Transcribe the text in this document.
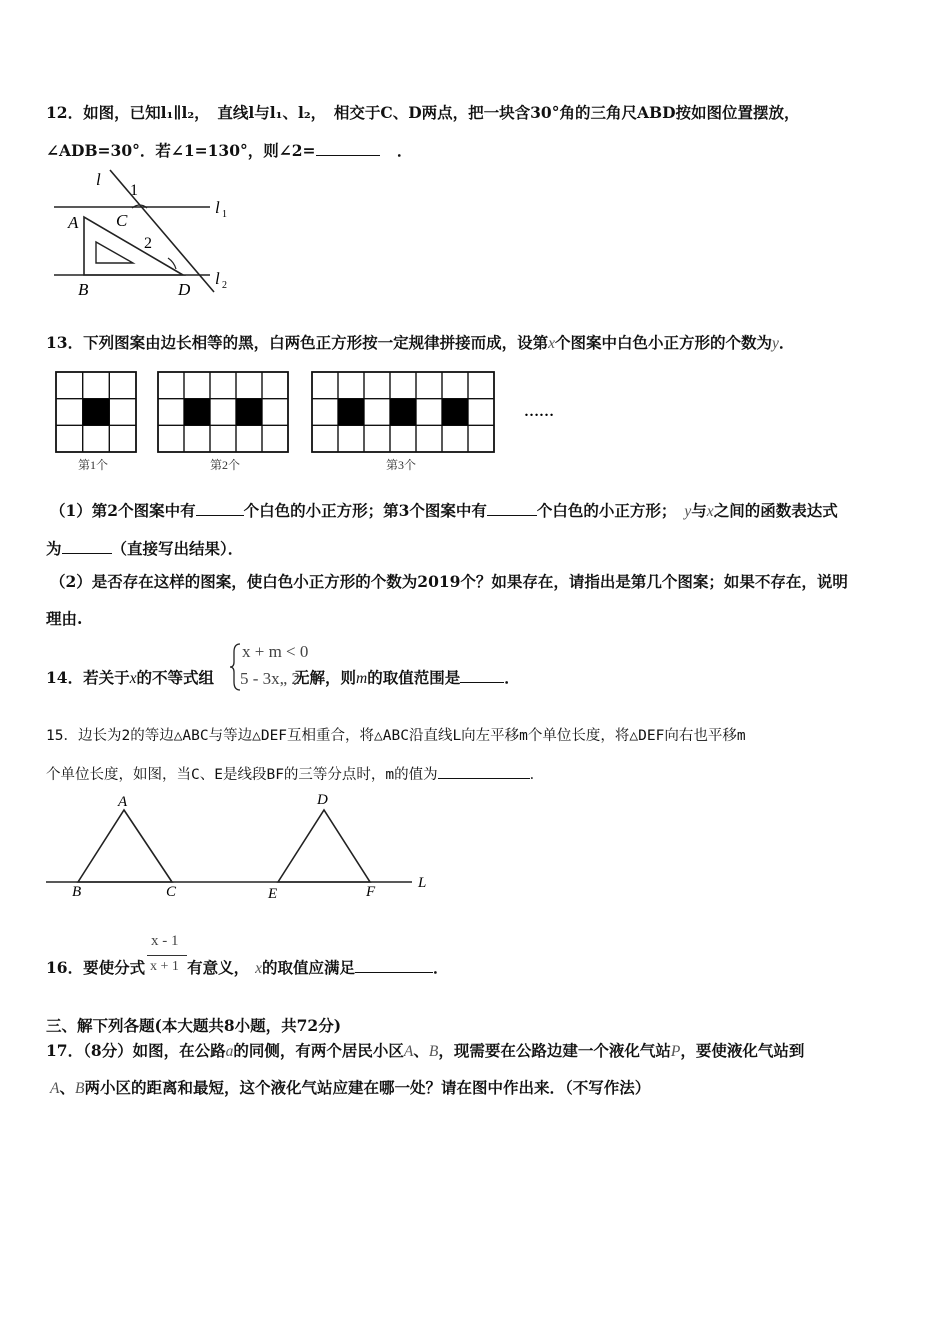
12．如图，已知l₁∥l₂，　直线l与l₁、l₂，　相交于C、D两点，把一块含30°角的三角尺ABD按如图位置摆放，
∠ADB=30°．若∠1=130°，则∠2=	．
l
1
A C
2
B	D
l 1
l 2
13．下列图案由边长相等的黑，白两色正方形按一定规律拼接而成，设第x个图案中白色小正方形的个数为y．
……
第1个	第2个	第3个
（1）第2个图案中有	个白色的小正方形；第3个图案中有	个白色的小正方形； y与x之间的函数表达式
为	（直接写出结果）．
（2）是否存在这样的图案，使白色小正方形的个数为2019个？如果存在，请指出是第几个图案；如果不存在，说明
理由.
14．若关于x的不等式组	无解，则m的取值范围是	．
x + m < 0
5 - 3x„ 2
15．边长为2的等边△ABC与等边△DEF互相重合，将△ABC沿直线L向左平移m个单位长度，将△DEF向右也平移m
个单位长度，如图，当C、E是线段BF的三等分点时，m的值为	．
A
B	C
D
E	F
L
16．要使分式	有意义， x的取值应满足	．
x - 1
x + 1
三、解下列各题(本大题共8小题，共72分)
17．（8分）如图，在公路a的同侧，有两个居民小区A、B，现需要在公路边建一个液化气站P，要使液化气站到
A、B两小区的距离和最短，这个液化气站应建在哪一处？请在图中作出来．（不写作法）
